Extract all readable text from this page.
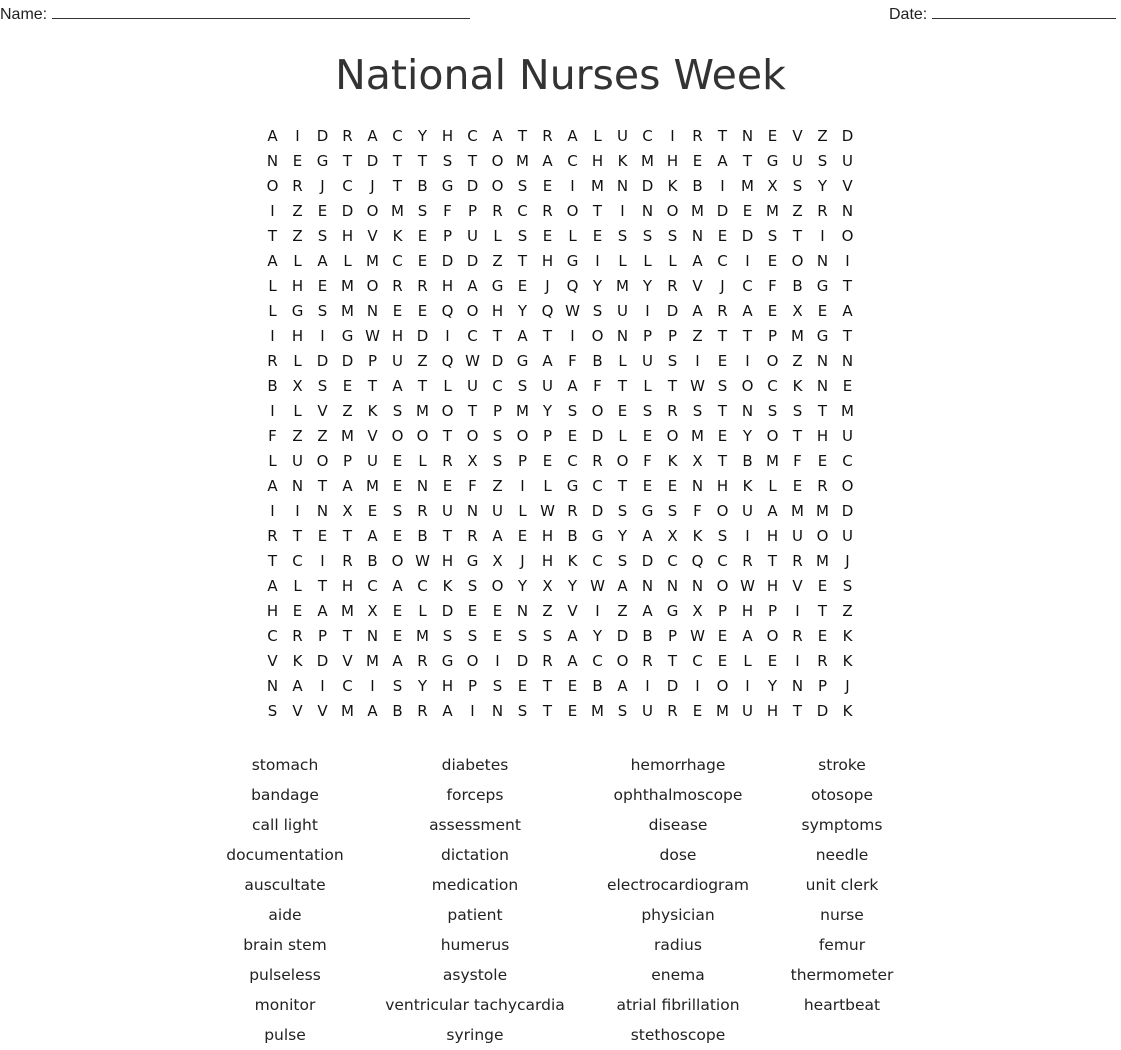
Name:	Date:
National Nurses Week
A	I	D R A C	Y H C A	T	R A	L	U C	I	R	T N E	V Z D
N E G T D T	T	S	T O M A C H K M H E	A	T G U S U
O R	J	C	J	T	B G D O S	E	I	M N D K B	I	M X	S	Y	V
I	Z	E D O M S	F	P	R C R O T	I	N O M D E M Z R N
T	Z	S H V K	E	P U	L	S	E	L	E	S	S	S N E D S	T	I	O
A	L	A	L M C	E D D Z	T H G	I	L	L	L	A C	I	E O N	I
L	H E M O R R H A G E	J	Q Y M Y	R V	J	C	F	B G T
L	G S M N E	E Q O H Y Q W S U	I	D A R A	E	X	E	A
I	H	I	G W H D	I	C	T	A	T	I	O N P	P	Z	T	T	P M G T
R	L	D D P U Z Q W D G A	F	B	L	U S	I	E	I	O Z N N
B X	S	E	T	A	T	L	U C	S U A	F	T	L	T W S O C K N E
I	L	V Z K	S M O T	P M Y	S O E	S	R	S	T N S	S	T M
F	Z Z M V O O T O S O P	E D	L	E O M E	Y O T H U
L	U O P U E	L	R X	S	P	E	C R O F	K X	T	B M F	E	C
A N T	A M E N E	F	Z	I	L	G C	T	E	E N H K	L	E	R O
I	I	N X	E	S	R U N U	L W R D S G S	F O U A M M D
R	T	E	T	A	E	B	T	R A	E H B G Y	A X K	S	I	H U O U
T	C	I	R B O W H G X	J	H K C	S D C Q C R	T	R M	J
A	L	T H C A C K	S O Y	X	Y W A N N N O W H V	E	S
H E	A M X	E	L	D E	E N Z V	I	Z A G X	P H P	I	T	Z
C R	P	T N E M S	S	E	S	S	A	Y D B	P W E	A O R	E	K
V K D V M A R G O	I	D R A C O R	T	C	E	L	E	I	R K
N A	I	C	I	S	Y H P	S	E	T	E	B A	I	D	I	O	I	Y N P	J
S	V V M A B R A	I	N S	T	E M S U R	E M U H T D K
stomach	diabetes	hemorrhage	stroke
bandage	forceps	ophthalmoscope	otosope
call light	assessment	disease	symptoms
documentation	dictation	dose	needle
auscultate	medication	electrocardiogram	unit clerk
aide	patient	physician	nurse
brain stem	humerus	radius	femur
pulseless	asystole	enema	thermometer
monitor	ventricular tachycardia	atrial fibrillation	heartbeat
pulse	syringe	stethoscope
